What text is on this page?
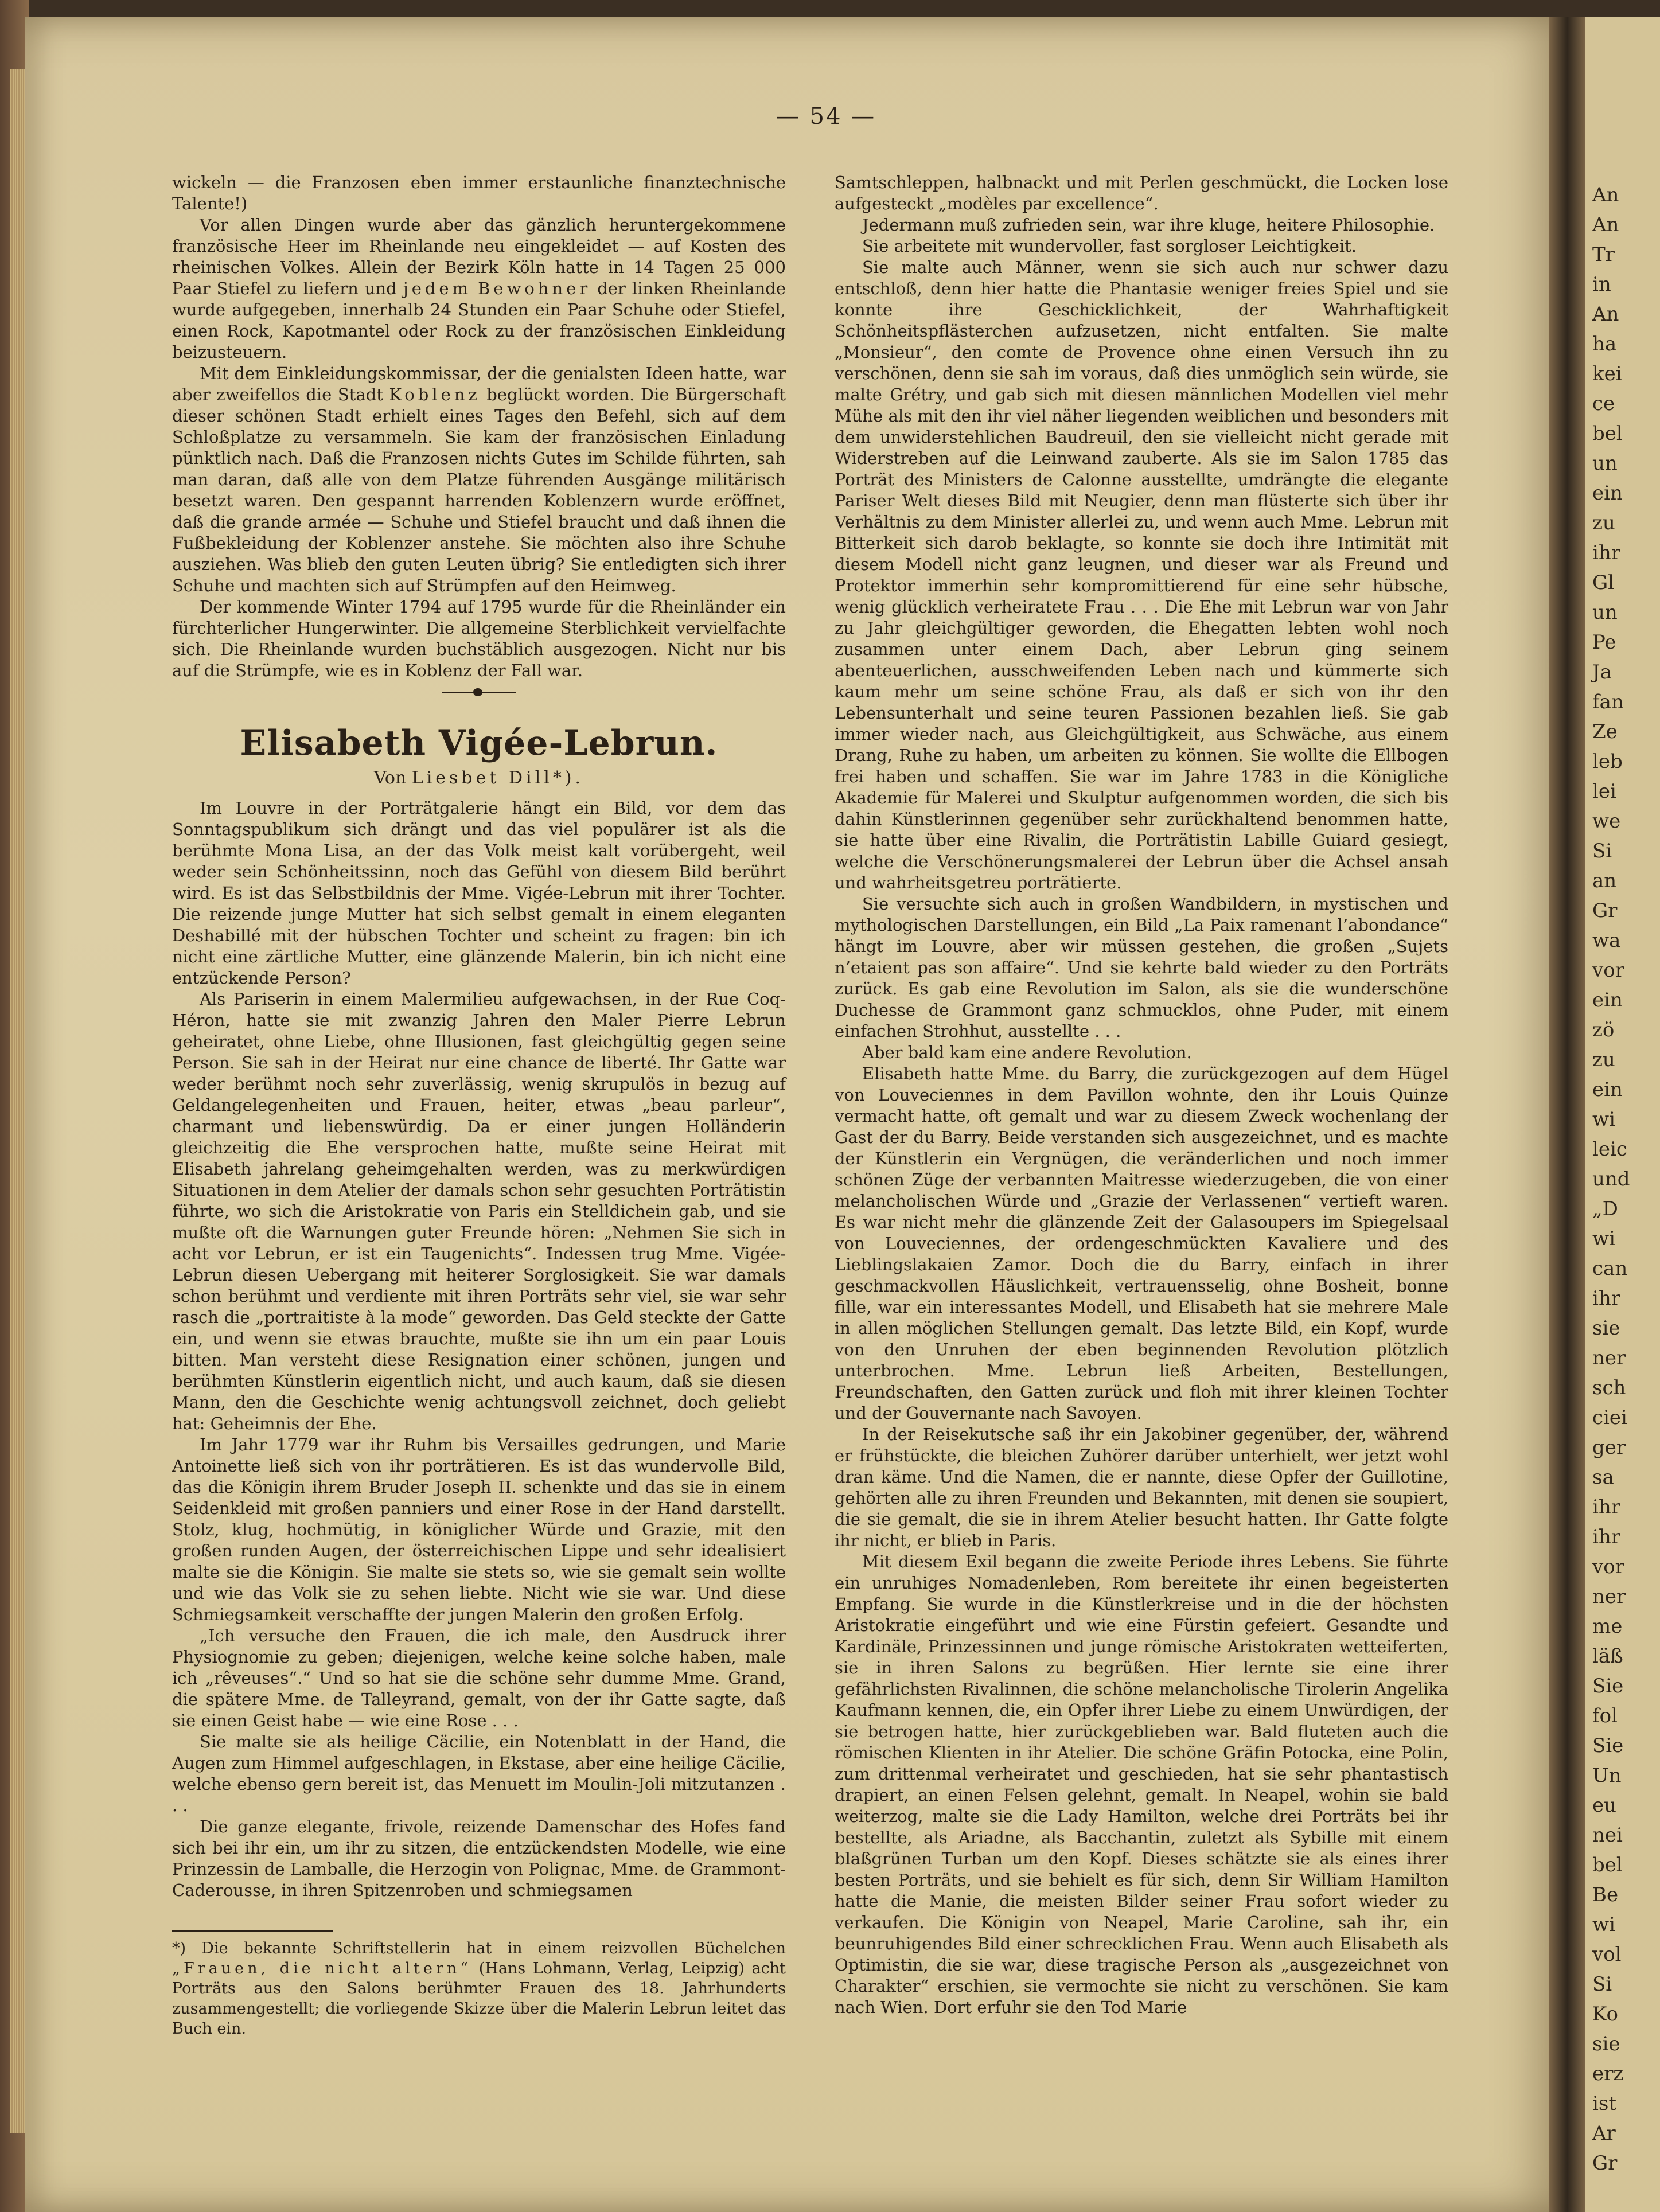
An
An
Tr
in
An
ha
kei
ce
bel
un
ein
zu
ihr
Gl
un
Pe
Ja
fan
Ze
leb
lei
we
Si
an
Gr
wa
vor
ein
zö
zu
ein
wi
leic
und
„D
wi
can
ihr
sie
ner
sch
ciei
ger
sa
ihr
ihr
vor
ner
me
läß
Sie
fol
Sie
Un
eu
nei
bel
Be
wi
vol
Si
Ko
sie
erz
ist
Ar
Gr
— 54 —

wickeln — die Franzosen eben immer erstaunliche finanztechnische Talente!)

Vor allen Dingen wurde aber das gänzlich heruntergekommene französische Heer im Rheinlande neu eingekleidet — auf Kosten des rheinischen Volkes. Allein der Bezirk Köln hatte in 14 Tagen 25 000 Paar Stiefel zu liefern und jedem Bewohner der linken Rheinlande wurde aufgegeben, innerhalb 24 Stunden ein Paar Schuhe oder Stiefel, einen Rock, Kapotmantel oder Rock zu der französischen Einkleidung beizusteuern.

Mit dem Einkleidungskommissar, der die genialsten Ideen hatte, war aber zweifellos die Stadt Koblenz beglückt worden. Die Bürgerschaft dieser schönen Stadt erhielt eines Tages den Befehl, sich auf dem Schloßplatze zu versammeln. Sie kam der französischen Einladung pünktlich nach. Daß die Franzosen nichts Gutes im Schilde führten, sah man daran, daß alle von dem Platze führenden Ausgänge militärisch besetzt waren. Den gespannt harrenden Koblenzern wurde eröffnet, daß die grande armée — Schuhe und Stiefel braucht und daß ihnen die Fußbekleidung der Koblenzer anstehe. Sie möchten also ihre Schuhe ausziehen. Was blieb den guten Leuten übrig? Sie entledigten sich ihrer Schuhe und machten sich auf Strümpfen auf den Heimweg.

Der kommende Winter 1794 auf 1795 wurde für die Rheinländer ein fürchterlicher Hungerwinter. Die allgemeine Sterblichkeit vervielfachte sich. Die Rheinlande wurden buchstäblich ausgezogen. Nicht nur bis auf die Strümpfe, wie es in Koblenz der Fall war.

Elisabeth Vigée-Lebrun.
Von Liesbet Dill*).

Im Louvre in der Porträtgalerie hängt ein Bild, vor dem das Sonntagspublikum sich drängt und das viel populärer ist als die berühmte Mona Lisa, an der das Volk meist kalt vorübergeht, weil weder sein Schönheitssinn, noch das Gefühl von diesem Bild berührt wird. Es ist das Selbstbildnis der Mme. Vigée-Lebrun mit ihrer Tochter. Die reizende junge Mutter hat sich selbst gemalt in einem eleganten Deshabillé mit der hübschen Tochter und scheint zu fragen: bin ich nicht eine zärtliche Mutter, eine glänzende Malerin, bin ich nicht eine entzückende Person?

Als Pariserin in einem Malermilieu aufgewachsen, in der Rue Coq-Héron, hatte sie mit zwanzig Jahren den Maler Pierre Lebrun geheiratet, ohne Liebe, ohne Illusionen, fast gleichgültig gegen seine Person. Sie sah in der Heirat nur eine chance de liberté. Ihr Gatte war weder berühmt noch sehr zuverlässig, wenig skrupulös in bezug auf Geldangelegenheiten und Frauen, heiter, etwas „beau parleur“, charmant und liebenswürdig. Da er einer jungen Holländerin gleichzeitig die Ehe versprochen hatte, mußte seine Heirat mit Elisabeth jahrelang geheimgehalten werden, was zu merkwürdigen Situationen in dem Atelier der damals schon sehr gesuchten Porträtistin führte, wo sich die Aristokratie von Paris ein Stelldichein gab, und sie mußte oft die Warnungen guter Freunde hören: „Nehmen Sie sich in acht vor Lebrun, er ist ein Taugenichts“. Indessen trug Mme. Vigée-Lebrun diesen Uebergang mit heiterer Sorglosigkeit. Sie war damals schon berühmt und verdiente mit ihren Porträts sehr viel, sie war sehr rasch die „portraitiste à la mode“ geworden. Das Geld steckte der Gatte ein, und wenn sie etwas brauchte, mußte sie ihn um ein paar Louis bitten. Man versteht diese Resignation einer schönen, jungen und berühmten Künstlerin eigentlich nicht, und auch kaum, daß sie diesen Mann, den die Geschichte wenig achtungsvoll zeichnet, doch geliebt hat: Geheimnis der Ehe.

Im Jahr 1779 war ihr Ruhm bis Versailles gedrungen, und Marie Antoinette ließ sich von ihr porträtieren. Es ist das wundervolle Bild, das die Königin ihrem Bruder Joseph II. schenkte und das sie in einem Seidenkleid mit großen panniers und einer Rose in der Hand darstellt. Stolz, klug, hochmütig, in königlicher Würde und Grazie, mit den großen runden Augen, der österreichischen Lippe und sehr idealisiert malte sie die Königin. Sie malte sie stets so, wie sie gemalt sein wollte und wie das Volk sie zu sehen liebte. Nicht wie sie war. Und diese Schmiegsamkeit verschaffte der jungen Malerin den großen Erfolg.

„Ich versuche den Frauen, die ich male, den Ausdruck ihrer Physiognomie zu geben; diejenigen, welche keine solche haben, male ich „rêveuses“.“ Und so hat sie die schöne sehr dumme Mme. Grand, die spätere Mme. de Talleyrand, gemalt, von der ihr Gatte sagte, daß sie einen Geist habe — wie eine Rose . . .

Sie malte sie als heilige Cäcilie, ein Notenblatt in der Hand, die Augen zum Himmel aufgeschlagen, in Ekstase, aber eine heilige Cäcilie, welche ebenso gern bereit ist, das Menuett im Moulin-Joli mitzutanzen . . .

Die ganze elegante, frivole, reizende Damenschar des Hofes fand sich bei ihr ein, um ihr zu sitzen, die entzückendsten Modelle, wie eine Prinzessin de Lamballe, die Herzogin von Polignac, Mme. de Grammont-Caderousse, in ihren Spitzenroben und schmiegsamen

*) Die bekannte Schriftstellerin hat in einem reizvollen Büchelchen „Frauen, die nicht altern“ (Hans Lohmann, Verlag, Leipzig) acht Porträts aus den Salons berühmter Frauen des 18. Jahrhunderts zusammengestellt; die vorliegende Skizze über die Malerin Lebrun leitet das Buch ein.

Samtschleppen, halbnackt und mit Perlen geschmückt, die Locken lose aufgesteckt „modèles par excellence“.

Jedermann muß zufrieden sein, war ihre kluge, heitere Philosophie.

Sie arbeitete mit wundervoller, fast sorgloser Leichtigkeit.

Sie malte auch Männer, wenn sie sich auch nur schwer dazu entschloß, denn hier hatte die Phantasie weniger freies Spiel und sie konnte ihre Geschicklichkeit, der Wahrhaftigkeit Schönheitspflästerchen aufzusetzen, nicht entfalten. Sie malte „Monsieur“, den comte de Provence ohne einen Versuch ihn zu verschönen, denn sie sah im voraus, daß dies unmöglich sein würde, sie malte Grétry, und gab sich mit diesen männlichen Modellen viel mehr Mühe als mit den ihr viel näher liegenden weiblichen und besonders mit dem unwiderstehlichen Baudreuil, den sie vielleicht nicht gerade mit Widerstreben auf die Leinwand zauberte. Als sie im Salon 1785 das Porträt des Ministers de Calonne ausstellte, umdrängte die elegante Pariser Welt dieses Bild mit Neugier, denn man flüsterte sich über ihr Verhältnis zu dem Minister allerlei zu, und wenn auch Mme. Lebrun mit Bitterkeit sich darob beklagte, so konnte sie doch ihre Intimität mit diesem Modell nicht ganz leugnen, und dieser war als Freund und Protektor immerhin sehr kompromittierend für eine sehr hübsche, wenig glücklich verheiratete Frau . . . Die Ehe mit Lebrun war von Jahr zu Jahr gleichgültiger geworden, die Ehegatten lebten wohl noch zusammen unter einem Dach, aber Lebrun ging seinem abenteuerlichen, ausschweifenden Leben nach und kümmerte sich kaum mehr um seine schöne Frau, als daß er sich von ihr den Lebensunterhalt und seine teuren Passionen bezahlen ließ. Sie gab immer wieder nach, aus Gleichgültigkeit, aus Schwäche, aus einem Drang, Ruhe zu haben, um arbeiten zu können. Sie wollte die Ellbogen frei haben und schaffen. Sie war im Jahre 1783 in die Königliche Akademie für Malerei und Skulptur aufgenommen worden, die sich bis dahin Künstlerinnen gegenüber sehr zurückhaltend benommen hatte, sie hatte über eine Rivalin, die Porträtistin Labille Guiard gesiegt, welche die Verschönerungsmalerei der Lebrun über die Achsel ansah und wahrheitsgetreu porträtierte.

Sie versuchte sich auch in großen Wandbildern, in mystischen und mythologischen Darstellungen, ein Bild „La Paix ramenant l’abondance“ hängt im Louvre, aber wir müssen gestehen, die großen „Sujets n’etaient pas son affaire“. Und sie kehrte bald wieder zu den Porträts zurück. Es gab eine Revolution im Salon, als sie die wunderschöne Duchesse de Grammont ganz schmucklos, ohne Puder, mit einem einfachen Strohhut, ausstellte . . .

Aber bald kam eine andere Revolution.

Elisabeth hatte Mme. du Barry, die zurückgezogen auf dem Hügel von Louveciennes in dem Pavillon wohnte, den ihr Louis Quinze vermacht hatte, oft gemalt und war zu diesem Zweck wochenlang der Gast der du Barry. Beide verstanden sich ausgezeichnet, und es machte der Künstlerin ein Vergnügen, die veränderlichen und noch immer schönen Züge der verbannten Maitresse wiederzugeben, die von einer melancholischen Würde und „Grazie der Verlassenen“ vertieft waren. Es war nicht mehr die glänzende Zeit der Galasoupers im Spiegelsaal von Louveciennes, der ordengeschmückten Kavaliere und des Lieblingslakaien Zamor. Doch die du Barry, einfach in ihrer geschmackvollen Häuslichkeit, vertrauensselig, ohne Bosheit, bonne fille, war ein interessantes Modell, und Elisabeth hat sie mehrere Male in allen möglichen Stellungen gemalt. Das letzte Bild, ein Kopf, wurde von den Unruhen der eben beginnenden Revolution plötzlich unterbrochen. Mme. Lebrun ließ Arbeiten, Bestellungen, Freundschaften, den Gatten zurück und floh mit ihrer kleinen Tochter und der Gouvernante nach Savoyen.

In der Reisekutsche saß ihr ein Jakobiner gegenüber, der, während er frühstückte, die bleichen Zuhörer darüber unterhielt, wer jetzt wohl dran käme. Und die Namen, die er nannte, diese Opfer der Guillotine, gehörten alle zu ihren Freunden und Bekannten, mit denen sie soupiert, die sie gemalt, die sie in ihrem Atelier besucht hatten. Ihr Gatte folgte ihr nicht, er blieb in Paris.

Mit diesem Exil begann die zweite Periode ihres Lebens. Sie führte ein unruhiges Nomadenleben, Rom bereitete ihr einen begeisterten Empfang. Sie wurde in die Künstlerkreise und in die der höchsten Aristokratie eingeführt und wie eine Fürstin gefeiert. Gesandte und Kardinäle, Prinzessinnen und junge römische Aristokraten wetteiferten, sie in ihren Salons zu begrüßen. Hier lernte sie eine ihrer gefährlichsten Rivalinnen, die schöne melancholische Tirolerin Angelika Kaufmann kennen, die, ein Opfer ihrer Liebe zu einem Unwürdigen, der sie betrogen hatte, hier zurückgeblieben war. Bald fluteten auch die römischen Klienten in ihr Atelier. Die schöne Gräfin Potocka, eine Polin, zum drittenmal verheiratet und geschieden, hat sie sehr phantastisch drapiert, an einen Felsen gelehnt, gemalt. In Neapel, wohin sie bald weiterzog, malte sie die Lady Hamilton, welche drei Porträts bei ihr bestellte, als Ariadne, als Bacchantin, zuletzt als Sybille mit einem blaßgrünen Turban um den Kopf. Dieses schätzte sie als eines ihrer besten Porträts, und sie behielt es für sich, denn Sir William Hamilton hatte die Manie, die meisten Bilder seiner Frau sofort wieder zu verkaufen. Die Königin von Neapel, Marie Caroline, sah ihr, ein beunruhigendes Bild einer schrecklichen Frau. Wenn auch Elisabeth als Optimistin, die sie war, diese tragische Person als „ausgezeichnet von Charakter“ erschien, sie vermochte sie nicht zu verschönen. Sie kam nach Wien. Dort erfuhr sie den Tod Marie
